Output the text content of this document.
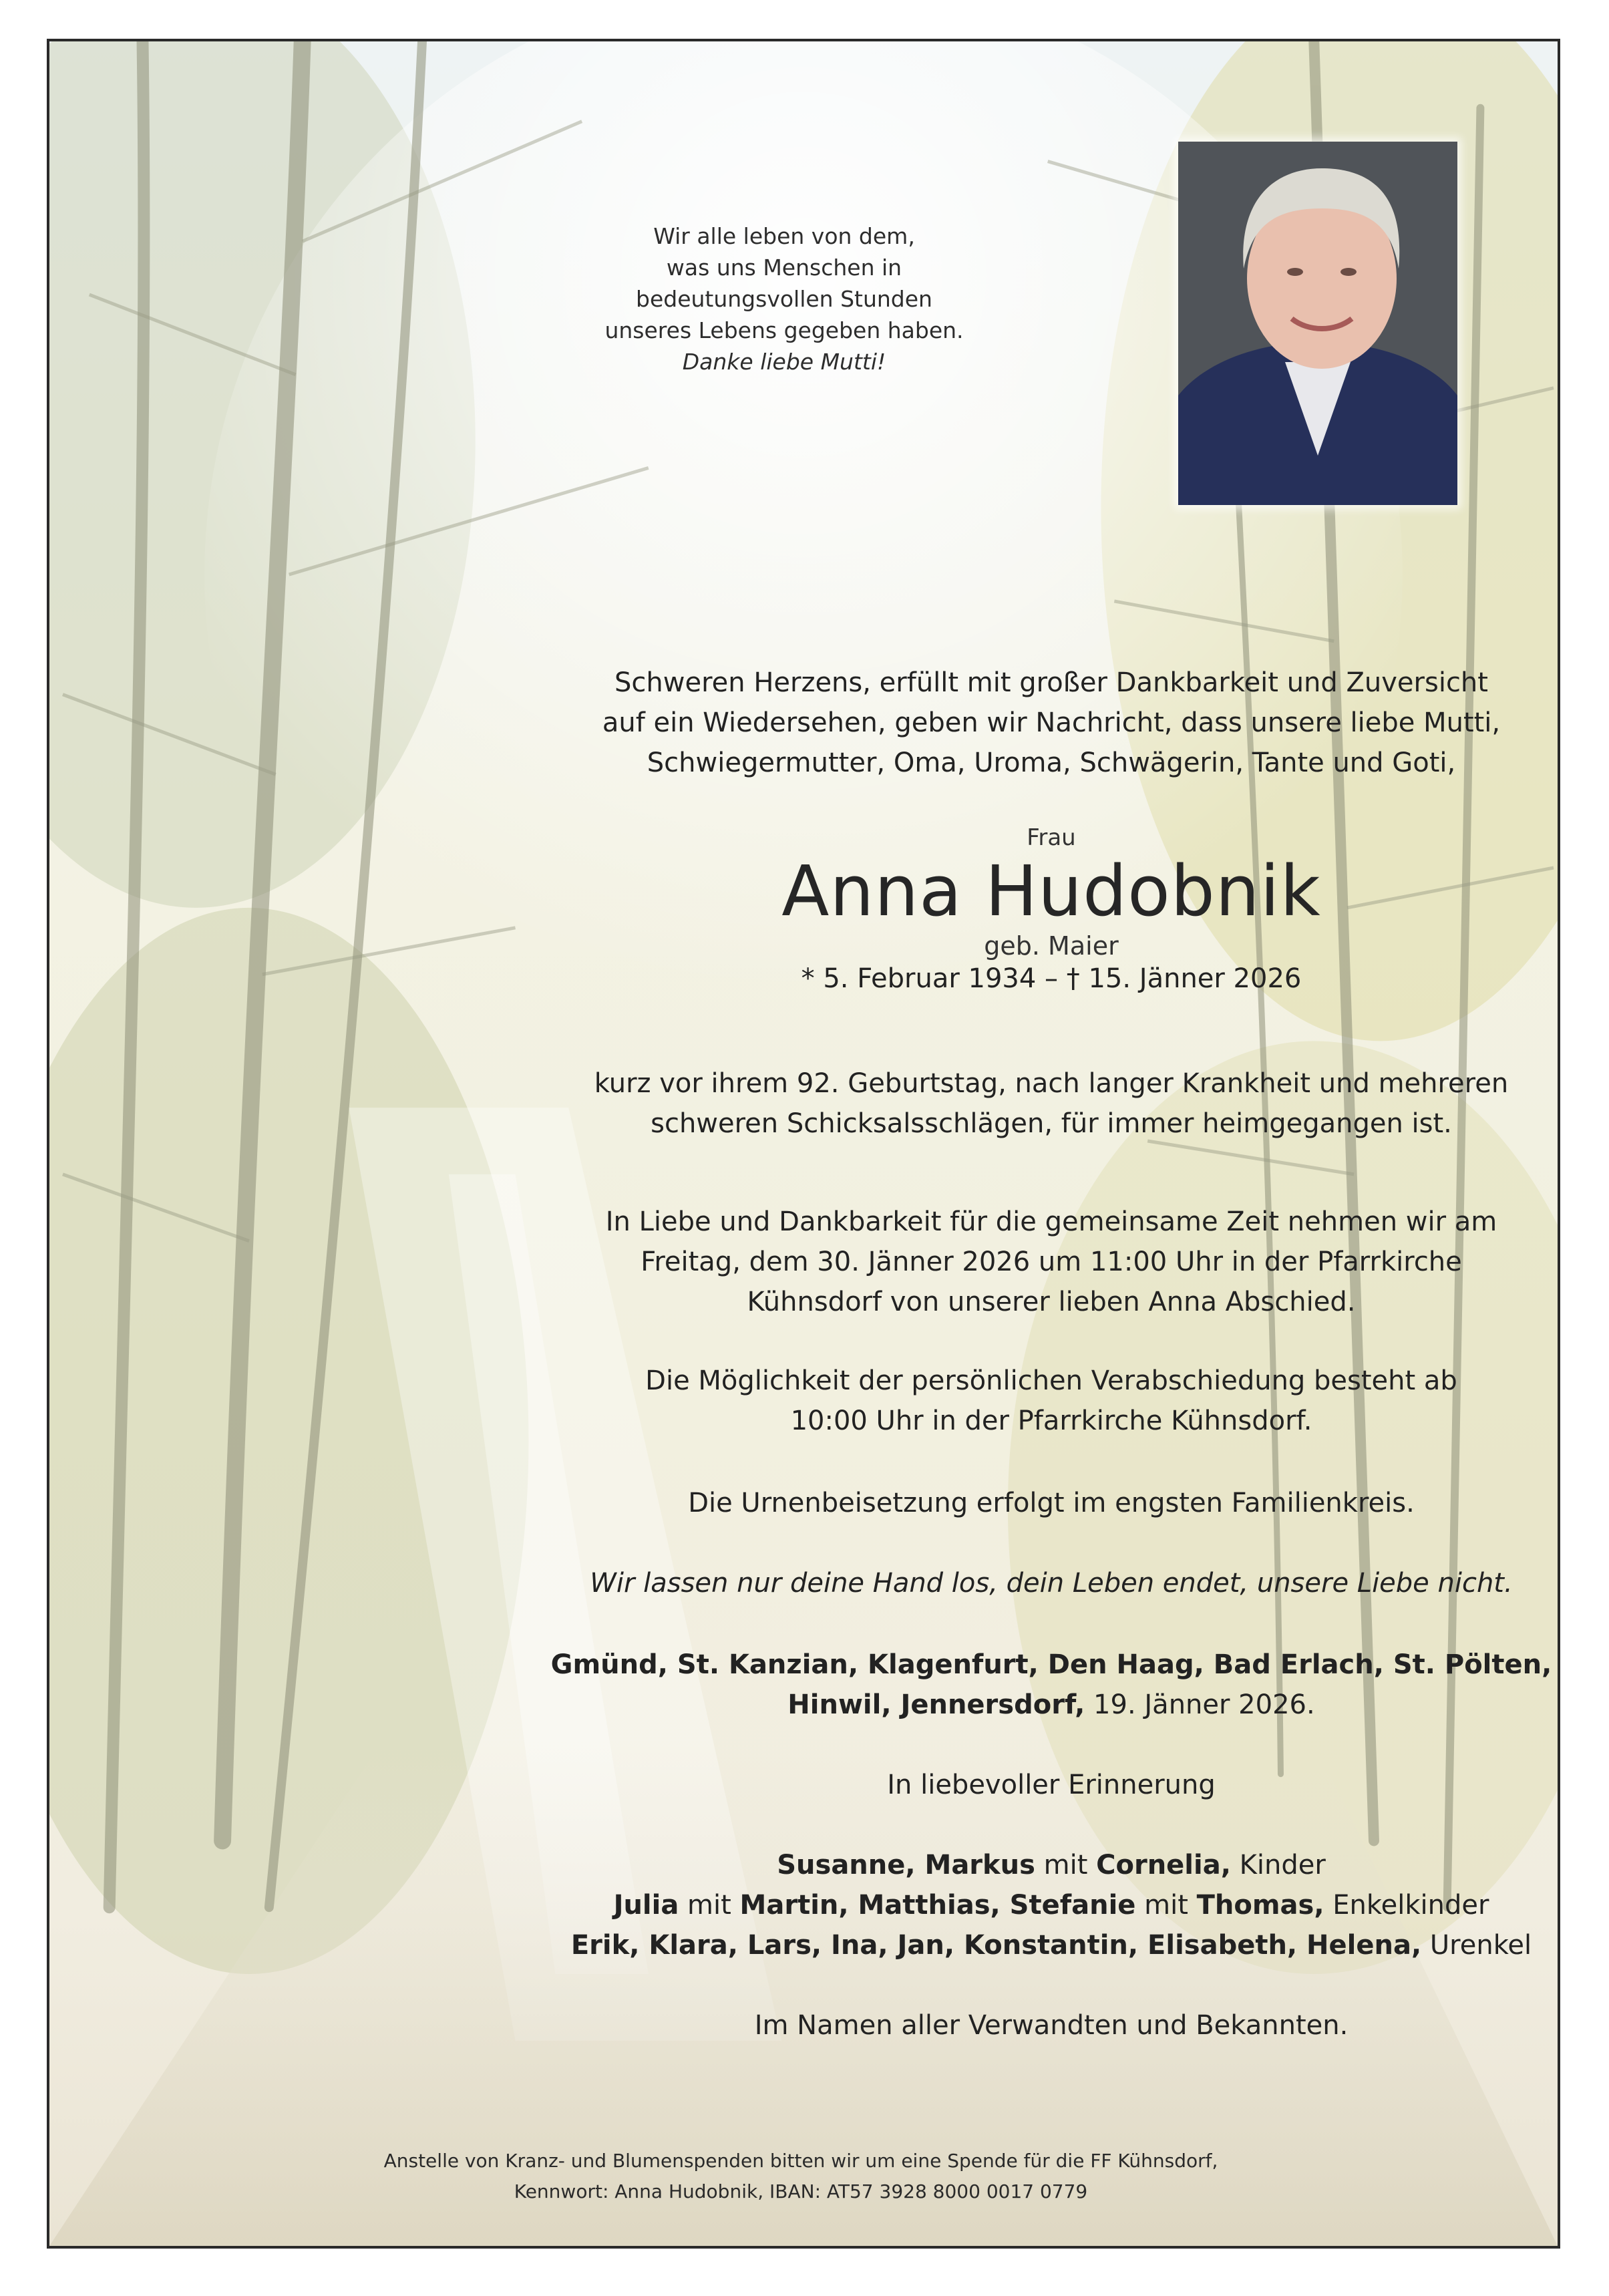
Wir alle leben von dem,
was uns Menschen in
bedeutungsvollen Stunden
unseres Lebens gegeben haben.
Danke liebe Mutti!
Schweren Herzens, erfüllt mit großer Dankbarkeit und Zuversicht
auf ein Wiedersehen, geben wir Nachricht, dass unsere liebe Mutti,
Schwiegermutter, Oma, Uroma, Schwägerin, Tante und Goti,
Frau
Anna Hudobnik
geb. Maier
* 5. Februar 1934 – † 15. Jänner 2026
kurz vor ihrem 92. Geburtstag, nach langer Krankheit und mehreren
schweren Schicksalsschlägen, für immer heimgegangen ist.
In Liebe und Dankbarkeit für die gemeinsame Zeit nehmen wir am
Freitag, dem 30. Jänner 2026 um 11:00 Uhr in der Pfarrkirche
Kühnsdorf von unserer lieben Anna Abschied.
Die Möglichkeit der persönlichen Verabschiedung besteht ab
10:00 Uhr in der Pfarrkirche Kühnsdorf.
Die Urnenbeisetzung erfolgt im engsten Familienkreis.
Wir lassen nur deine Hand los, dein Leben endet, unsere Liebe nicht.
Gmünd, St. Kanzian, Klagenfurt, Den Haag, Bad Erlach, St. Pölten,
Hinwil, Jennersdorf, 19. Jänner 2026.
In liebevoller Erinnerung
Susanne, Markus mit Cornelia, Kinder
Julia mit Martin, Matthias, Stefanie mit Thomas, Enkelkinder
Erik, Klara, Lars, Ina, Jan, Konstantin, Elisabeth, Helena, Urenkel
Im Namen aller Verwandten und Bekannten.
Anstelle von Kranz- und Blumenspenden bitten wir um eine Spende für die FF Kühnsdorf,
Kennwort: Anna Hudobnik, IBAN: AT57 3928 8000 0017 0779
